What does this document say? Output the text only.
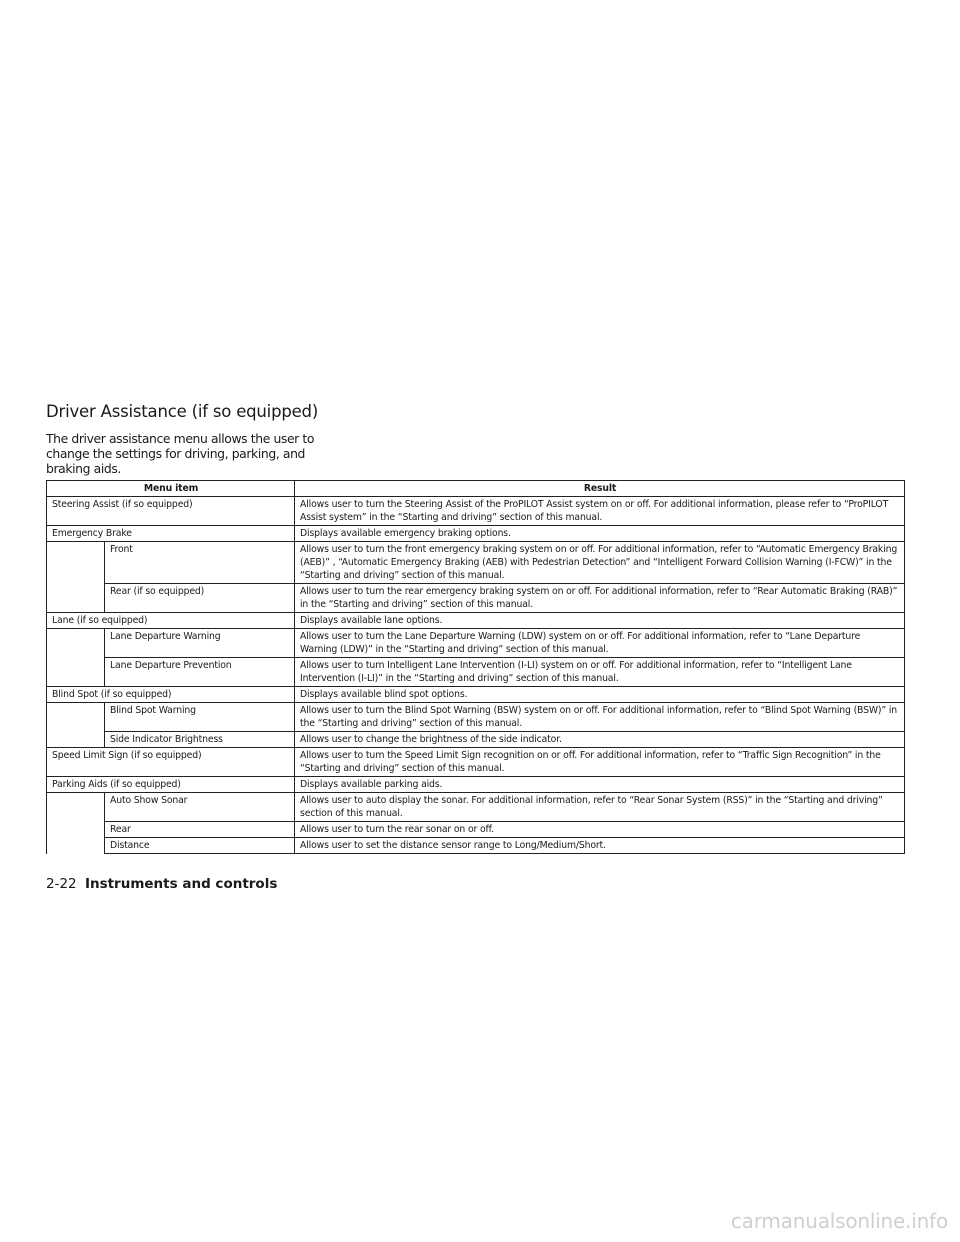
Driver Assistance (if so equipped)

The driver assistance menu allows the user to change the settings for driving, parking, and braking aids.

Menu item		Result
Steering Assist (if so equipped)		Allows user to turn the Steering Assist of the ProPILOT Assist system on or off. For additional information, please refer to “ProPILOT Assist system” in the “Starting and driving” section of this manual.
Emergency Brake		Displays available emergency braking options.
	Front	Allows user to turn the front emergency braking system on or off. For additional information, refer to “Automatic Emergency Braking (AEB)” , “Automatic Emergency Braking (AEB) with Pedestrian Detection” and “Intelligent Forward Collision Warning (I-FCW)” in the “Starting and driving” section of this manual.
	Rear (if so equipped)	Allows user to turn the rear emergency braking system on or off. For additional information, refer to “Rear Automatic Braking (RAB)” in the “Starting and driving” section of this manual.
Lane (if so equipped)		Displays available lane options.
	Lane Departure Warning	Allows user to turn the Lane Departure Warning (LDW) system on or off. For additional information, refer to “Lane Departure Warning (LDW)” in the “Starting and driving” section of this manual.
	Lane Departure Prevention	Allows user to turn Intelligent Lane Intervention (I-LI) system on or off. For additional information, refer to “Intelligent Lane Intervention (I-LI)” in the “Starting and driving” section of this manual.
Blind Spot (if so equipped)		Displays available blind spot options.
	Blind Spot Warning	Allows user to turn the Blind Spot Warning (BSW) system on or off. For additional information, refer to “Blind Spot Warning (BSW)” in the “Starting and driving” section of this manual.
	Side Indicator Brightness	Allows user to change the brightness of the side indicator.
Speed Limit Sign (if so equipped)		Allows user to turn the Speed Limit Sign recognition on or off. For additional information, refer to “Traffic Sign Recognition” in the “Starting and driving” section of this manual.
Parking Aids (if so equipped)		Displays available parking aids.
	Auto Show Sonar	Allows user to auto display the sonar. For additional information, refer to “Rear Sonar System (RSS)” in the “Starting and driving” section of this manual.
	Rear	Allows user to turn the rear sonar on or off.
	Distance	Allows user to set the distance sensor range to Long/Medium/Short.
2-22 Instruments and controls
carmanualsonline.info
